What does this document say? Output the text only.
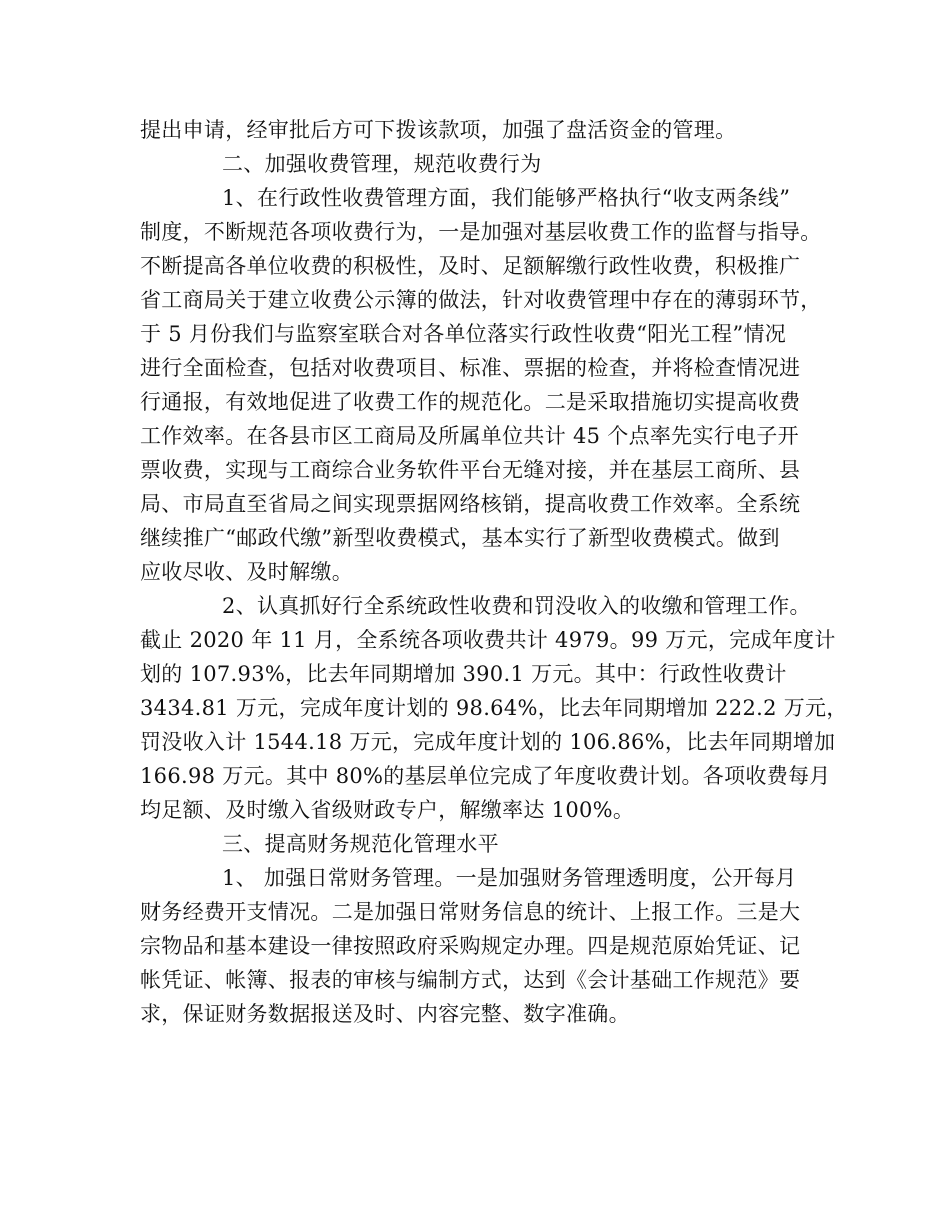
提出申请，经审批后方可下拨该款项，加强了盘活资金的管理。
二、加强收费管理，规范收费行为
1、在行政性收费管理方面，我们能够严格执行“收支两条线”
制度，不断规范各项收费行为，一是加强对基层收费工作的监督与指导。
不断提高各单位收费的积极性，及时、足额解缴行政性收费，积极推广
省工商局关于建立收费公示簿的做法，针对收费管理中存在的薄弱环节，
于 5 月份我们与监察室联合对各单位落实行政性收费“阳光工程”情况
进行全面检查，包括对收费项目、标准、票据的检查，并将检查情况进
行通报，有效地促进了收费工作的规范化。二是采取措施切实提高收费
工作效率。在各县市区工商局及所属单位共计 45 个点率先实行电子开
票收费，实现与工商综合业务软件平台无缝对接，并在基层工商所、县
局、市局直至省局之间实现票据网络核销，提高收费工作效率。全系统
继续推广“邮政代缴”新型收费模式，基本实行了新型收费模式。做到
应收尽收、及时解缴。
2、认真抓好行全系统政性收费和罚没收入的收缴和管理工作。
截止 2020 年 11 月，全系统各项收费共计 4979。99 万元，完成年度计
划的 107.93%，比去年同期增加 390.1 万元。其中：行政性收费计
3434.81 万元，完成年度计划的 98.64%，比去年同期增加 222.2 万元，
罚没收入计 1544.18 万元，完成年度计划的 106.86%，比去年同期增加
166.98 万元。其中 80%的基层单位完成了年度收费计划。各项收费每月
均足额、及时缴入省级财政专户，解缴率达 100%。
三、提高财务规范化管理水平
1、 加强日常财务管理。一是加强财务管理透明度，公开每月
财务经费开支情况。二是加强日常财务信息的统计、上报工作。三是大
宗物品和基本建设一律按照政府采购规定办理。四是规范原始凭证、记
帐凭证、帐簿、报表的审核与编制方式，达到《会计基础工作规范》要
求，保证财务数据报送及时、内容完整、数字准确。
